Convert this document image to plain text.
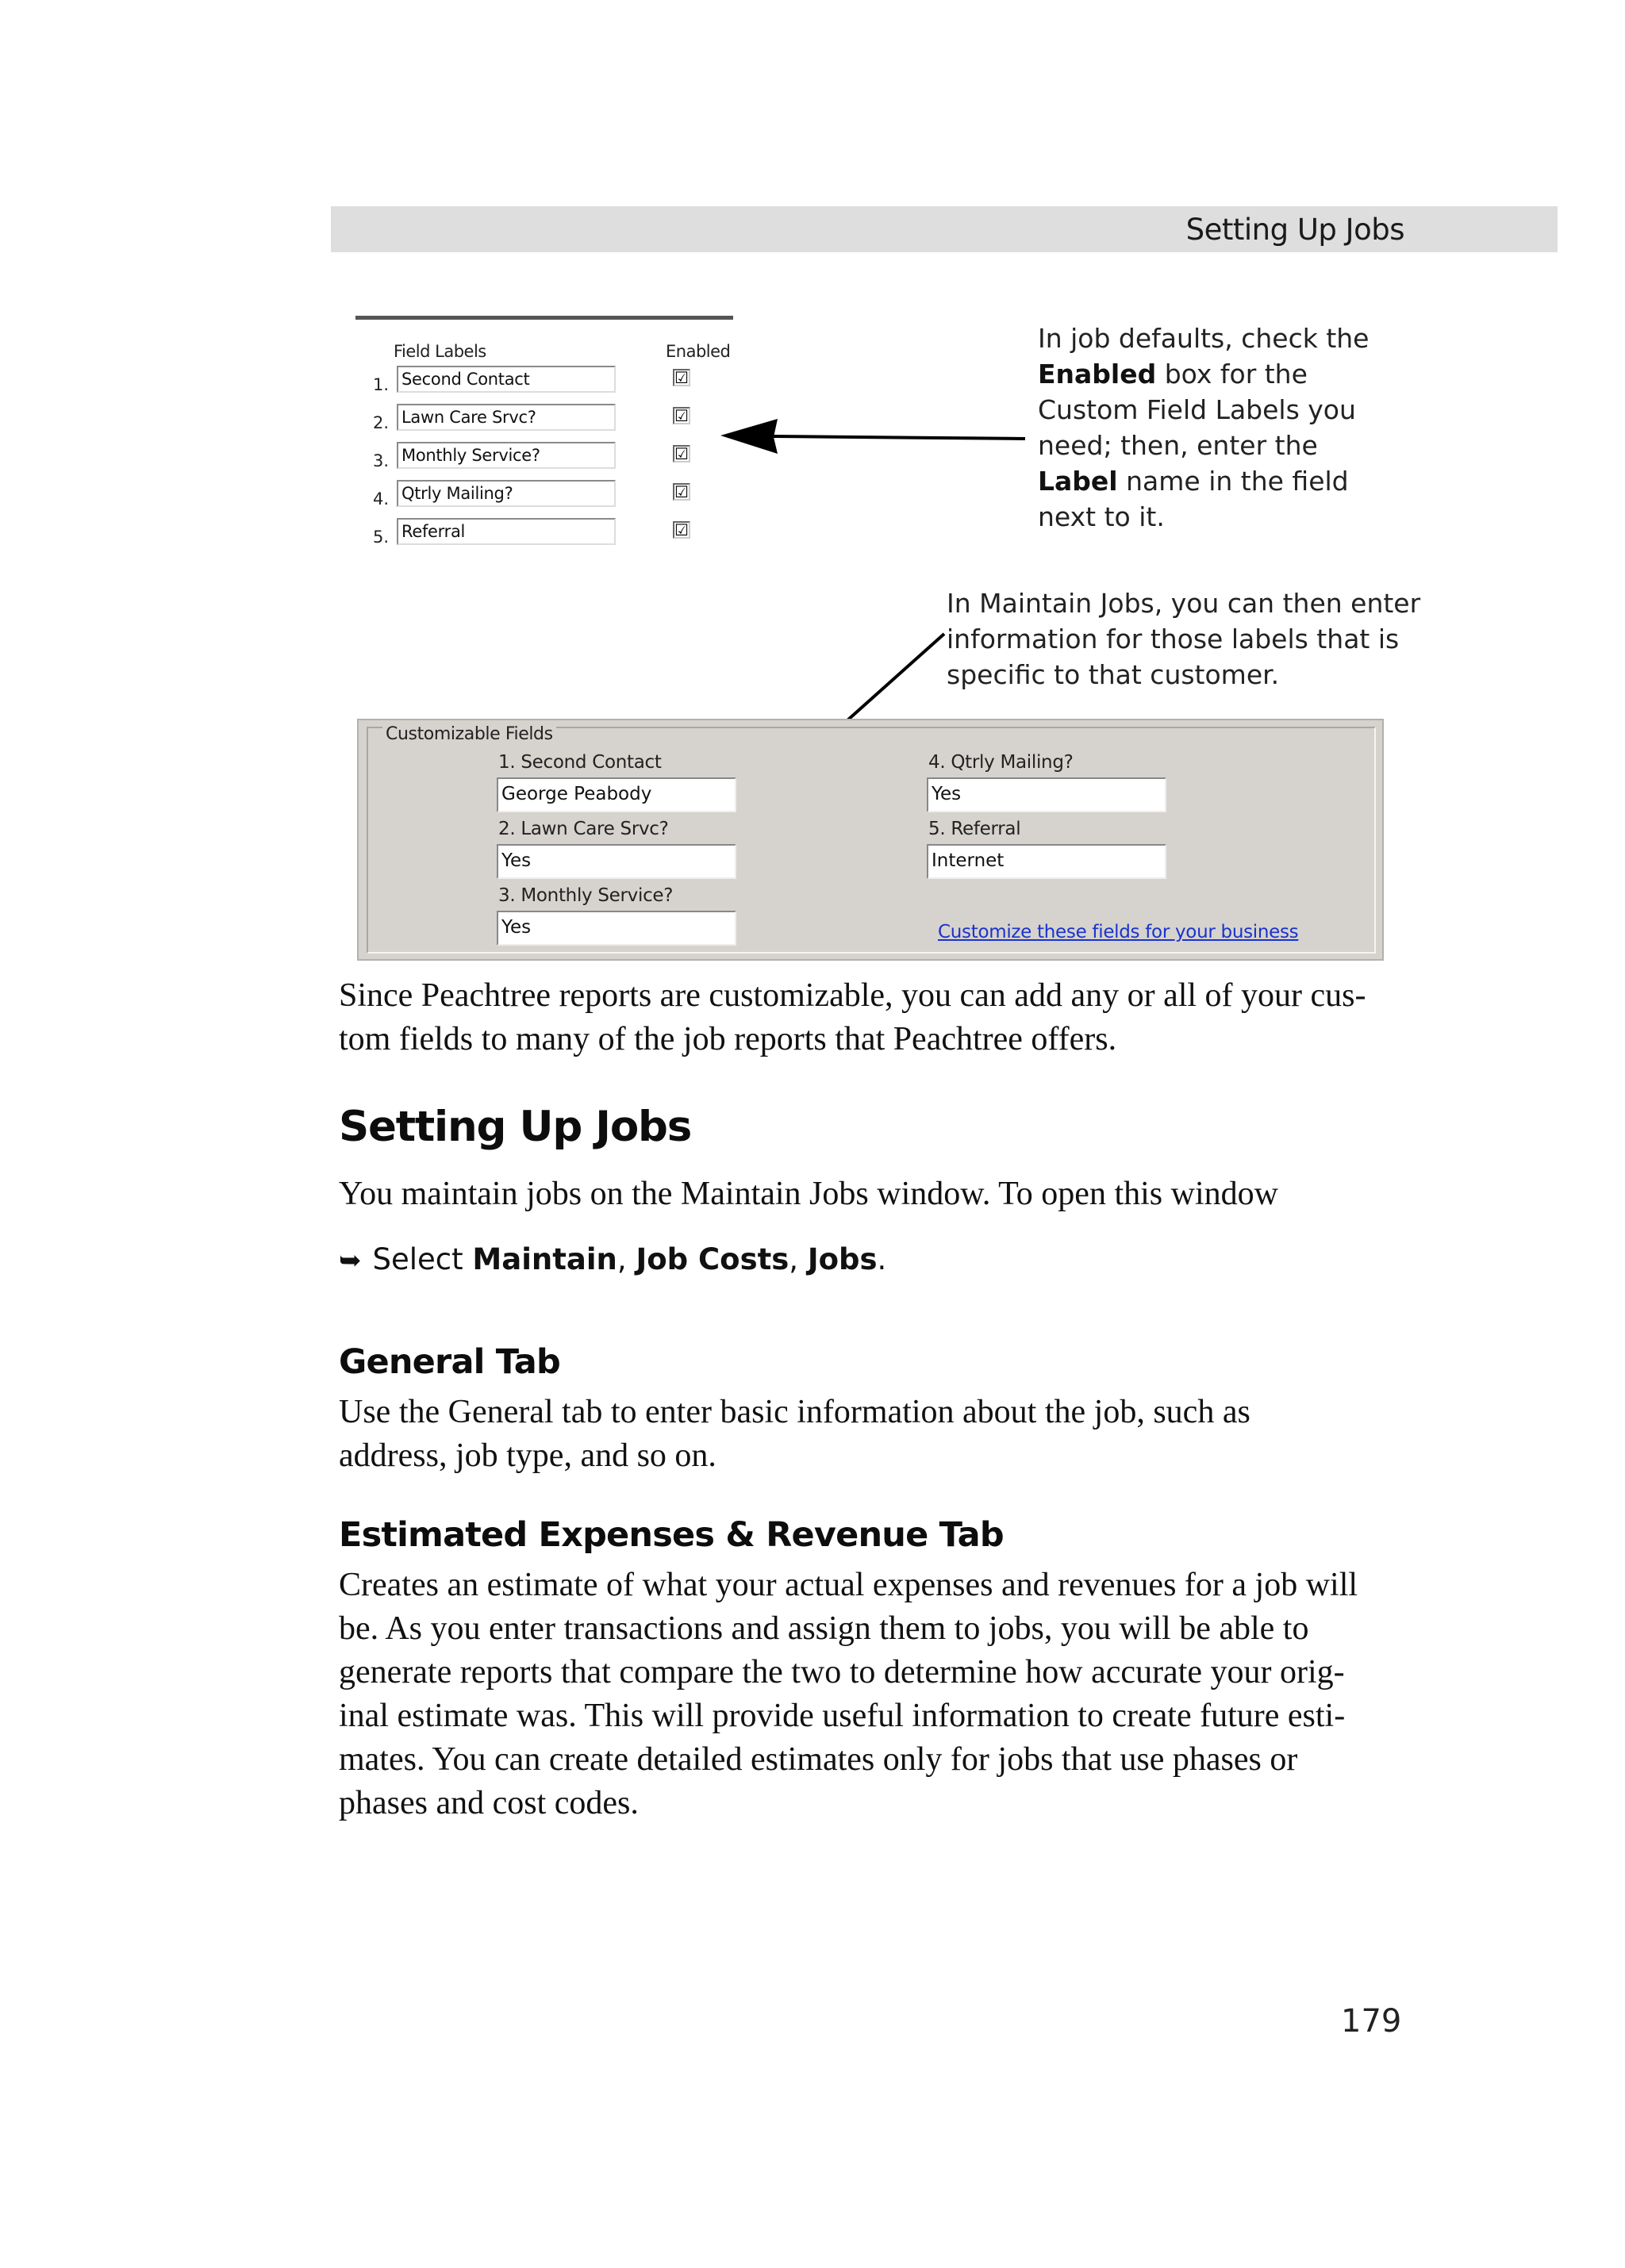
Setting Up Jobs
Field Labels	Enabled
1. Second Contact	☑
2. Lawn Care Srvc?	☑
3. Monthly Service?	☑
4. Qtrly Mailing?	☑
5. Referral	☑
In job defaults, check the
Enabled box for the
Custom Field Labels you
need; then, enter the
Label name in the field
next to it.
In Maintain Jobs, you can then enter
information for those labels that is
specific to that customer.
Customizable Fields
1. Second Contact
George Peabody
2. Lawn Care Srvc?
Yes
3. Monthly Service?
Yes
4. Qtrly Mailing?
Yes
5. Referral
Internet
Customize these fields for your business
Since Peachtree reports are customizable, you can add any or all of your cus-
tom fields to many of the job reports that Peachtree offers.
Setting Up Jobs
You maintain jobs on the Maintain Jobs window. To open this window
➥ Select Maintain, Job Costs, Jobs.
General Tab
Use the General tab to enter basic information about the job, such as
address, job type, and so on.
Estimated Expenses & Revenue Tab
Creates an estimate of what your actual expenses and revenues for a job will
be. As you enter transactions and assign them to jobs, you will be able to
generate reports that compare the two to determine how accurate your orig-
inal estimate was. This will provide useful information to create future esti-
mates. You can create detailed estimates only for jobs that use phases or
phases and cost codes.
179
